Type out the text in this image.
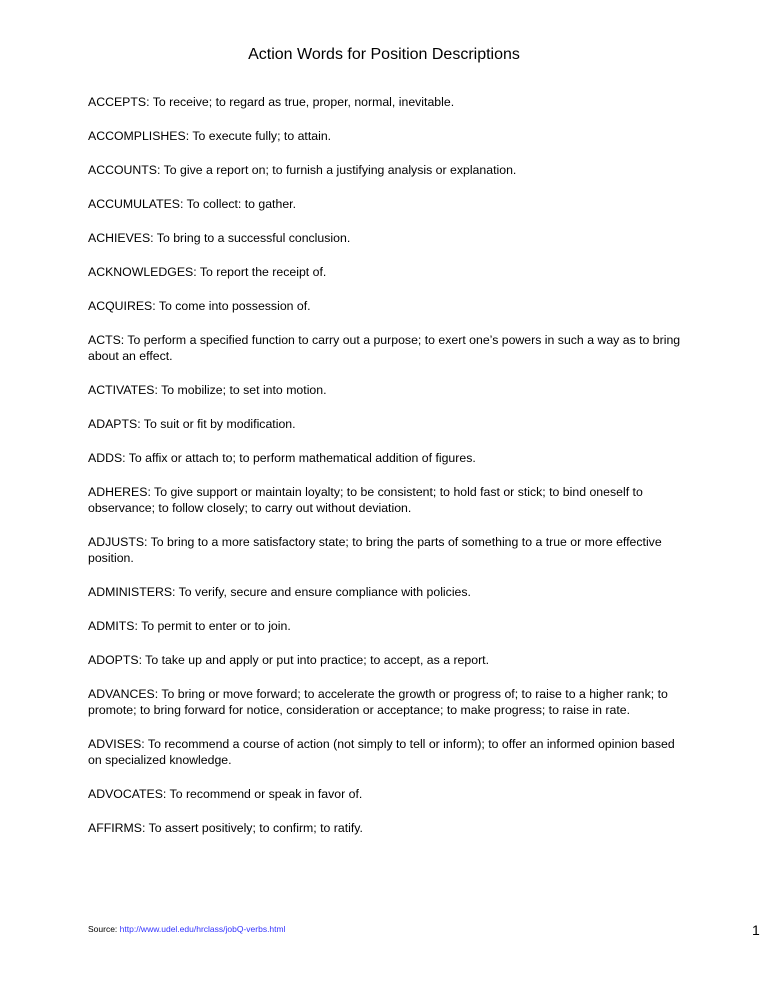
Action Words for Position Descriptions

ACCEPTS: To receive; to regard as true, proper, normal, inevitable.

ACCOMPLISHES: To execute fully; to attain.

ACCOUNTS: To give a report on; to furnish a justifying analysis or explanation.

ACCUMULATES: To collect: to gather.

ACHIEVES: To bring to a successful conclusion.

ACKNOWLEDGES: To report the receipt of.

ACQUIRES: To come into possession of.

ACTS: To perform a specified function to carry out a purpose; to exert one’s powers in such a way as to bring about an effect.

ACTIVATES: To mobilize; to set into motion.

ADAPTS: To suit or fit by modification.

ADDS: To affix or attach to; to perform mathematical addition of figures.

ADHERES: To give support or maintain loyalty; to be consistent; to hold fast or stick; to bind oneself to observance; to follow closely; to carry out without deviation.

ADJUSTS: To bring to a more satisfactory state; to bring the parts of something to a true or more effective position.

ADMINISTERS: To verify, secure and ensure compliance with policies.

ADMITS: To permit to enter or to join.

ADOPTS: To take up and apply or put into practice; to accept, as a report.

ADVANCES: To bring or move forward; to accelerate the growth or progress of; to raise to a higher rank; to promote; to bring forward for notice, consideration or acceptance; to make progress; to raise in rate.

ADVISES: To recommend a course of action (not simply to tell or inform); to offer an informed opinion based on specialized knowledge.

ADVOCATES: To recommend or speak in favor of.

AFFIRMS: To assert positively; to confirm; to ratify.

Source: http://www.udel.edu/hrclass/jobQ-verbs.html	1
